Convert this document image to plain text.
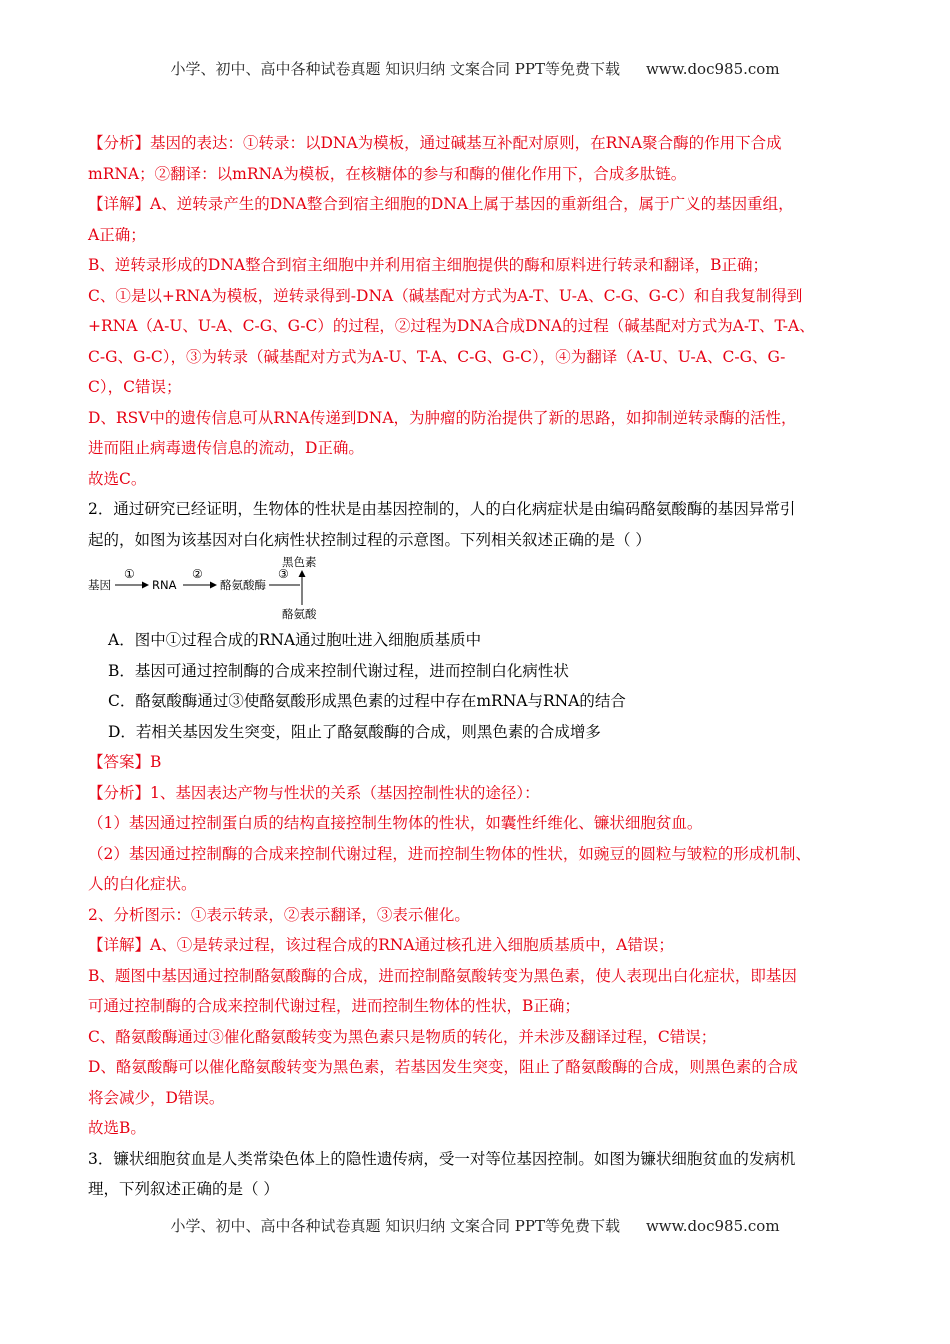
小学、初中、高中各种试卷真题 知识归纳 文案合同 PPT等免费下载 www.doc985.com

【分析】基因的表达：①转录：以DNA为模板，通过碱基互补配对原则，在RNA聚合酶的作用下合成

mRNA；②翻译：以mRNA为模板，在核糖体的参与和酶的催化作用下，合成多肽链。

【详解】A、逆转录产生的DNA整合到宿主细胞的DNA上属于基因的重新组合，属于广义的基因重组，

A正确；

B、逆转录形成的DNA整合到宿主细胞中并利用宿主细胞提供的酶和原料进行转录和翻译，B正确；

C、①是以+RNA为模板，逆转录得到-DNA（碱基配对方式为A-T、U-A、C-G、G-C）和自我复制得到

+RNA（A-U、U-A、C-G、G-C）的过程，②过程为DNA合成DNA的过程（碱基配对方式为A-T、T-A、

C-G、G-C），③为转录（碱基配对方式为A-U、T-A、C-G、G-C），④为翻译（A-U、U-A、C-G、G-

C），C错误；

D、RSV中的遗传信息可从RNA传递到DNA，为肿瘤的防治提供了新的思路，如抑制逆转录酶的活性，

进而阻止病毒遗传信息的流动，D正确。

故选C。

2．通过研究已经证明，生物体的性状是由基因控制的，人的白化病症状是由编码酪氨酸酶的基因异常引

起的，如图为该基因对白化病性状控制过程的示意图。下列相关叙述正确的是（ ）

基因
①
RNA
②
酪氨酸酶
③
黑色素
酪氨酸

A．图中①过程合成的RNA通过胞吐进入细胞质基质中

B．基因可通过控制酶的合成来控制代谢过程，进而控制白化病性状

C．酪氨酸酶通过③使酪氨酸形成黑色素的过程中存在mRNA与RNA的结合

D．若相关基因发生突变，阻止了酪氨酸酶的合成，则黑色素的合成增多

【答案】B

【分析】1、基因表达产物与性状的关系（基因控制性状的途径）：

（1）基因通过控制蛋白质的结构直接控制生物体的性状，如囊性纤维化、镰状细胞贫血。

（2）基因通过控制酶的合成来控制代谢过程，进而控制生物体的性状，如豌豆的圆粒与皱粒的形成机制、

人的白化症状。

2、分析图示：①表示转录，②表示翻译，③表示催化。

【详解】A、①是转录过程，该过程合成的RNA通过核孔进入细胞质基质中，A错误；

B、题图中基因通过控制酪氨酸酶的合成，进而控制酪氨酸转变为黑色素，使人表现出白化症状，即基因

可通过控制酶的合成来控制代谢过程，进而控制生物体的性状，B正确；

C、酪氨酸酶通过③催化酪氨酸转变为黑色素只是物质的转化，并未涉及翻译过程，C错误；

D、酪氨酸酶可以催化酪氨酸转变为黑色素，若基因发生突变，阻止了酪氨酸酶的合成，则黑色素的合成

将会减少，D错误。

故选B。

3．镰状细胞贫血是人类常染色体上的隐性遗传病，受一对等位基因控制。如图为镰状细胞贫血的发病机

理，下列叙述正确的是（ ）

小学、初中、高中各种试卷真题 知识归纳 文案合同 PPT等免费下载 www.doc985.com
